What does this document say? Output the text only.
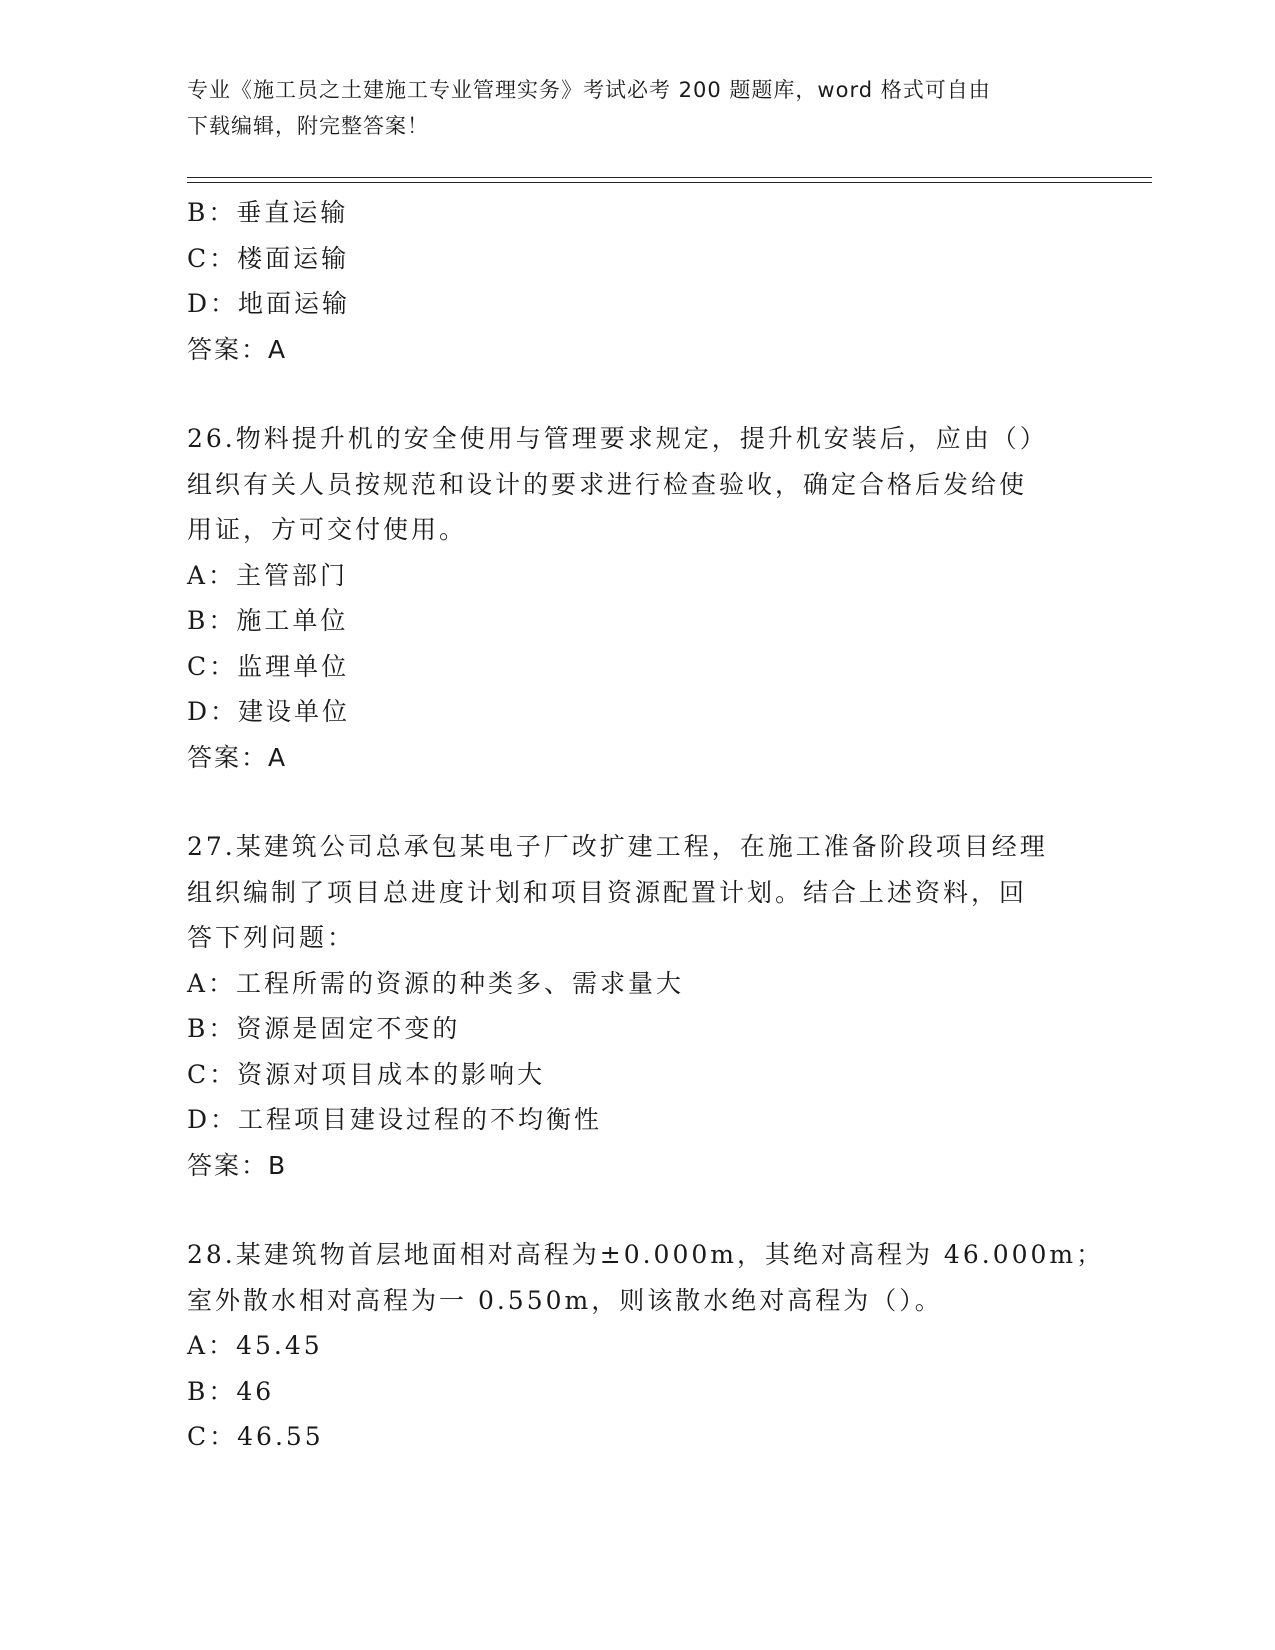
专业《施工员之土建施工专业管理实务》考试必考 200 题题库，word 格式可自由
下载编辑，附完整答案！
B：垂直运输
C：楼面运输
D：地面运输
答案：A
26.物料提升机的安全使用与管理要求规定，提升机安装后，应由（）
组织有关人员按规范和设计的要求进行检查验收，确定合格后发给使
用证，方可交付使用。
A：主管部门
B：施工单位
C：监理单位
D：建设单位
答案：A
27.某建筑公司总承包某电子厂改扩建工程，在施工准备阶段项目经理
组织编制了项目总进度计划和项目资源配置计划。结合上述资料，回
答下列问题：
A：工程所需的资源的种类多、需求量大
B：资源是固定不变的
C：资源对项目成本的影响大
D：工程项目建设过程的不均衡性
答案：B
28.某建筑物首层地面相对高程为±0.000m，其绝对高程为 46.000m；
室外散水相对高程为一 0.550m，则该散水绝对高程为（）。
A：45.45
B：46
C：46.55
